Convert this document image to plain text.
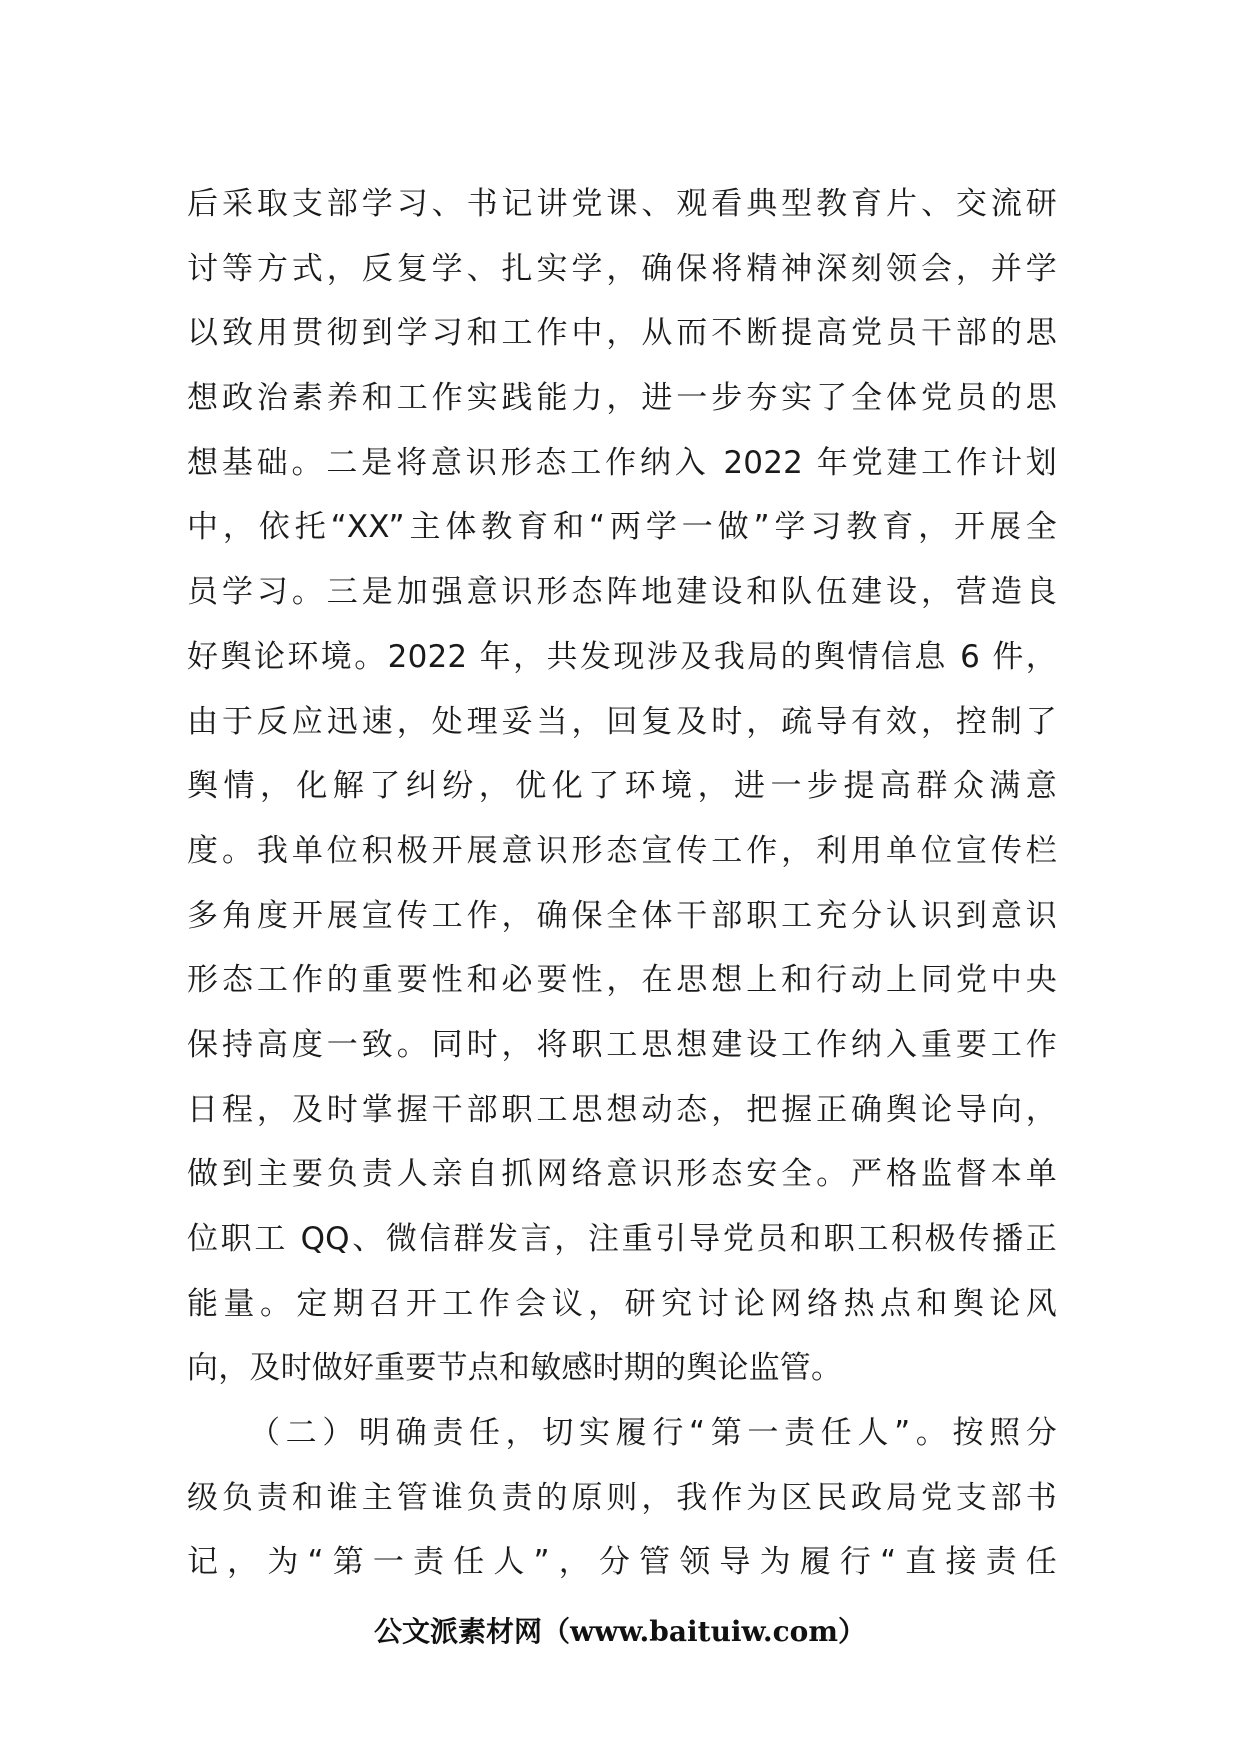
后采取支部学习、书记讲党课、观看典型教育片、交流研
讨等方式，反复学、扎实学，确保将精神深刻领会，并学
以致用贯彻到学习和工作中，从而不断提高党员干部的思
想政治素养和工作实践能力，进一步夯实了全体党员的思
想基础。二是将意识形态工作纳入 2022 年党建工作计划
中，依托“XX”主体教育和“两学一做”学习教育，开展全
员学习。三是加强意识形态阵地建设和队伍建设，营造良
好舆论环境。2022 年，共发现涉及我局的舆情信息 6 件，
由于反应迅速，处理妥当，回复及时，疏导有效，控制了
舆情，化解了纠纷，优化了环境，进一步提高群众满意
度。我单位积极开展意识形态宣传工作，利用单位宣传栏
多角度开展宣传工作，确保全体干部职工充分认识到意识
形态工作的重要性和必要性，在思想上和行动上同党中央
保持高度一致。同时，将职工思想建设工作纳入重要工作
日程，及时掌握干部职工思想动态，把握正确舆论导向，
做到主要负责人亲自抓网络意识形态安全。严格监督本单
位职工 QQ、微信群发言，注重引导党员和职工积极传播正
能量。定期召开工作会议，研究讨论网络热点和舆论风
向，及时做好重要节点和敏感时期的舆论监管。
（二）明确责任，切实履行“第一责任人”。按照分
级负责和谁主管谁负责的原则，我作为区民政局党支部书
记，为“第一责任人”，分管领导为履行“直接责任
公文派素材网（www.baituiw.com）
